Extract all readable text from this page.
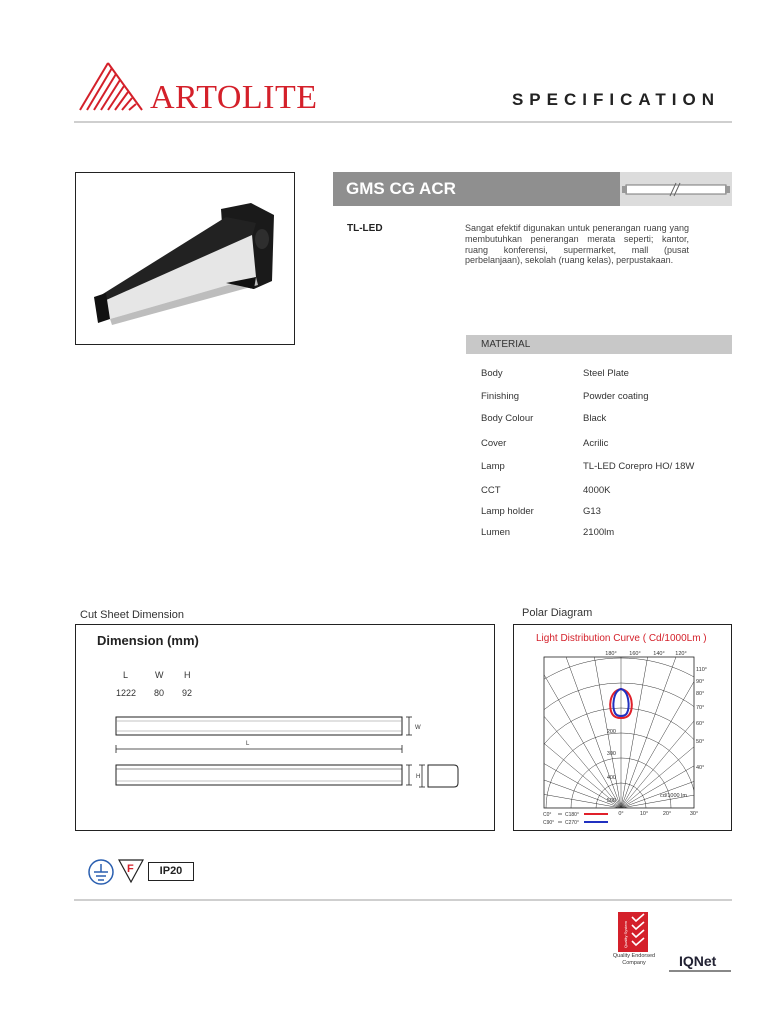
ARTOLITE	SPECIFICATION
GMS CG ACR
TL-LED	Sangat efektif digunakan untuk penerangan ruang yang membutuhkan penerangan merata seperti; kantor, ruang konferensi, supermarket, mall (pusat perbelanjaan), sekolah (ruang kelas), perpustakaan.
MATERIAL
Body	Steel Plate
Finishing	Powder coating
Body Colour	Black
Cover	Acrilic
Lamp	TL-LED Corepro HO/ 18W
CCT	4000K
Lamp holder	G13
Lumen	2100lm
Cut Sheet Dimension	Polar Diagram
Dimension (mm)
L	W H
1222 80 92
W
L
H
Light Distribution Curve ( Cd/1000Lm )
180° 160° 140° 120°
110°
90°
80°
70°
60°
50°
40°
0°	10°	20°	30°
200
300
400
500
cd/1000 lm
C0°	C180°
C90° C270°
F	IP20
Quality System
Quality Endorsed Company	IQNet
